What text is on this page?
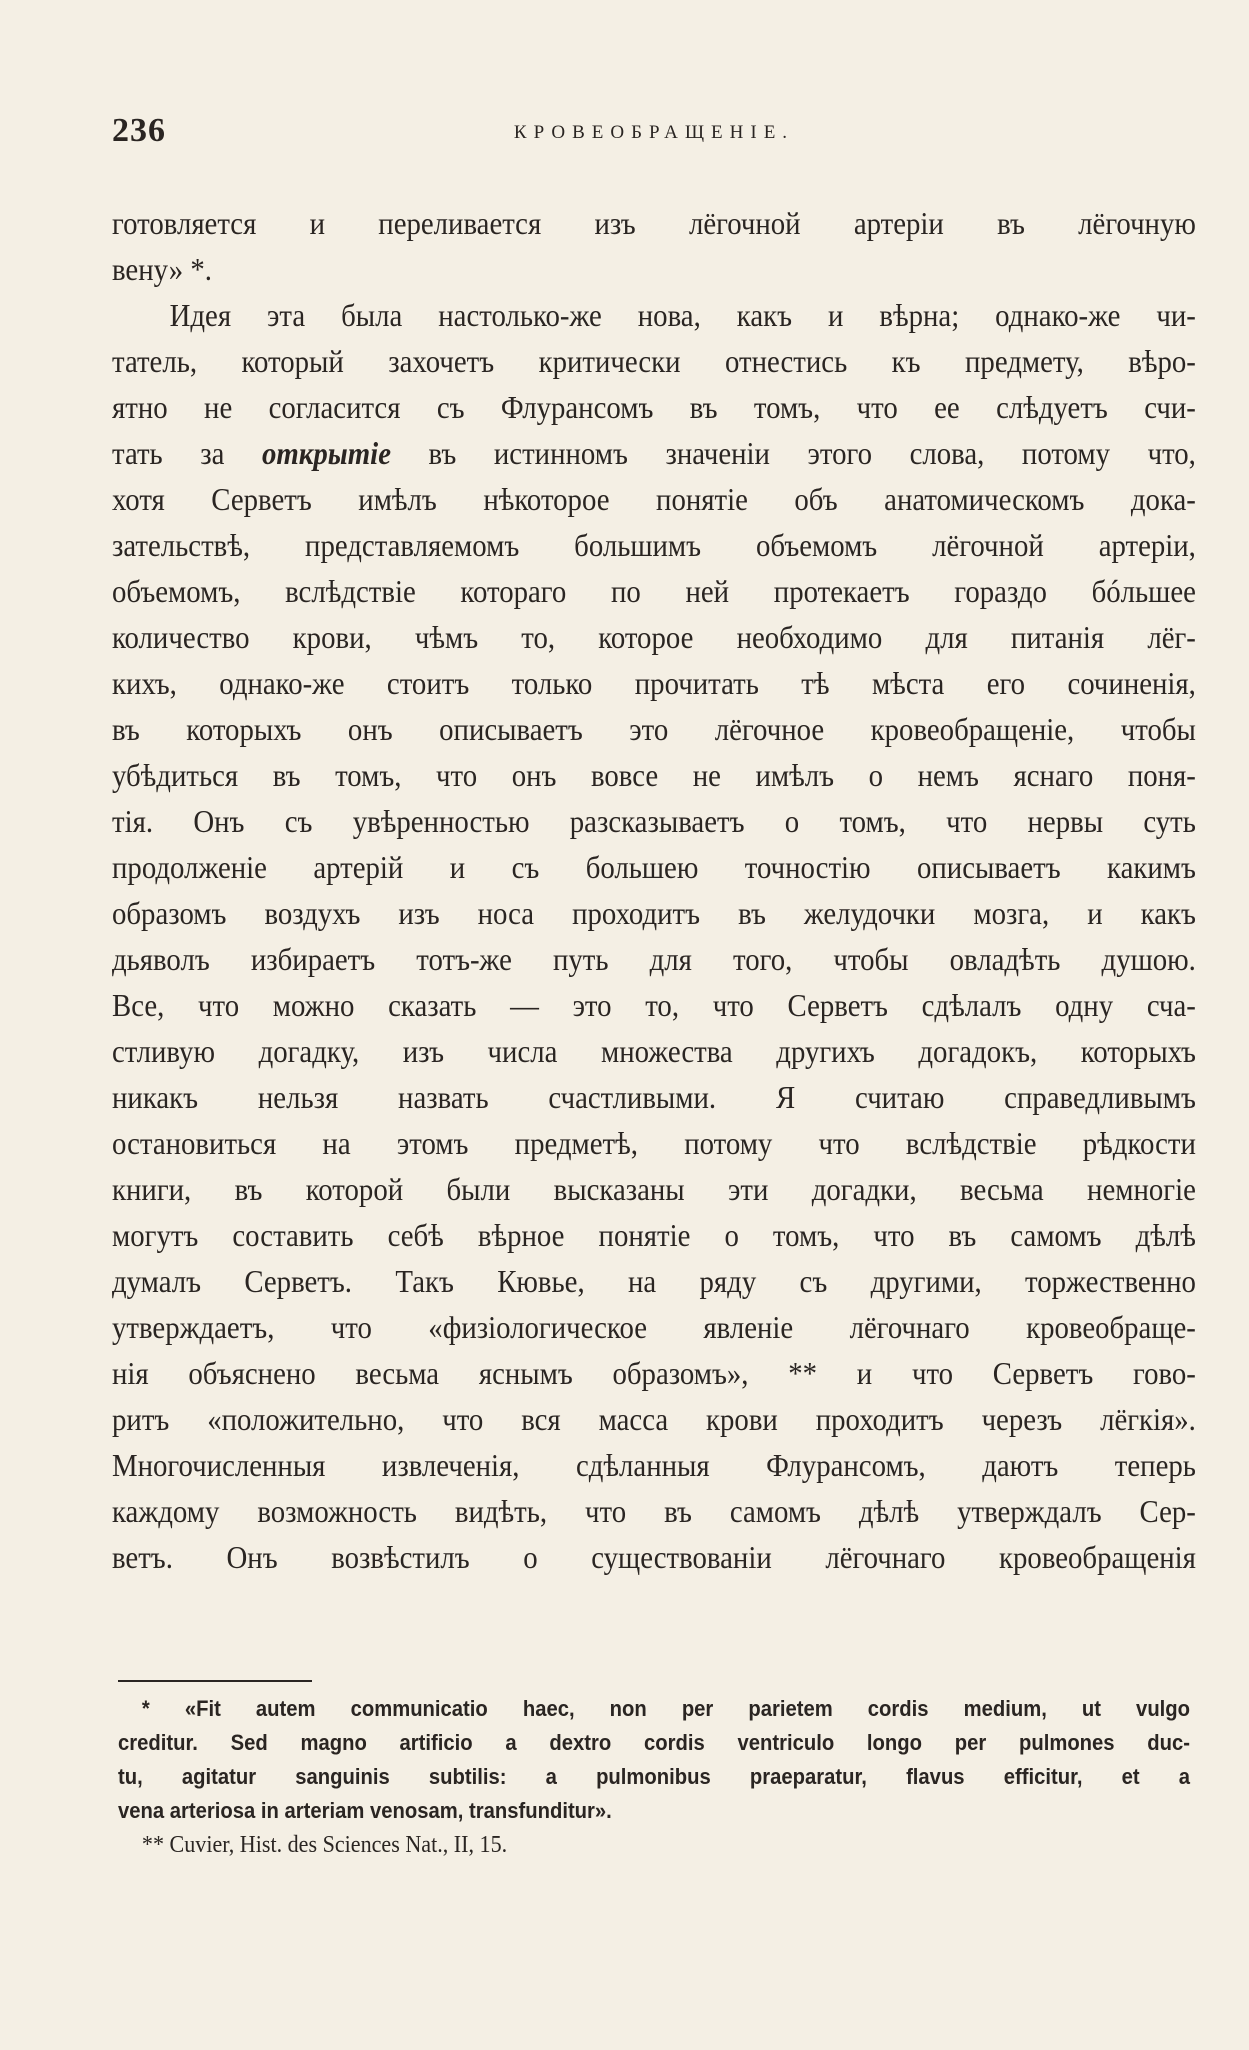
236	КРОВЕОБРАЩЕНІЕ.
готовляется и переливается изъ лёгочной артеріи въ лёгочную
вену» *.
Идея эта была настолько-же нова, какъ и вѣрна; однако-же чи-
татель, который захочетъ критически отнестись къ предмету, вѣро-
ятно не согласится съ Флурансомъ въ томъ, что ее слѣдуетъ счи-
тать за открытіе въ истинномъ значеніи этого слова, потому что,
хотя Серветъ имѣлъ нѣкоторое понятіе объ анатомическомъ дока-
зательствѣ, представляемомъ большимъ объемомъ лёгочной артеріи,
объемомъ, вслѣдствіе котораго по ней протекаетъ гораздо бóльшее
количество крови, чѣмъ то, которое необходимо для питанія лёг-
кихъ, однако-же стоитъ только прочитать тѣ мѣста его сочиненія,
въ которыхъ онъ описываетъ это лёгочное кровеобращеніе, чтобы
убѣдиться въ томъ, что онъ вовсе не имѣлъ о немъ яснаго поня-
тія. Онъ съ увѣренностью разсказываетъ о томъ, что нервы суть
продолженіе артерій и съ большею точностію описываетъ какимъ
образомъ воздухъ изъ носа проходитъ въ желудочки мозга, и какъ
дьяволъ избираетъ тотъ-же путь для того, чтобы овладѣть душою.
Все, что можно сказать — это то, что Серветъ сдѣлалъ одну сча-
стливую догадку, изъ числа множества другихъ догадокъ, которыхъ
никакъ нельзя назвать счастливыми. Я считаю справедливымъ
остановиться на этомъ предметѣ, потому что вслѣдствіе рѣдкости
книги, въ которой были высказаны эти догадки, весьма немногіе
могутъ составить себѣ вѣрное понятіе о томъ, что въ самомъ дѣлѣ
думалъ Серветъ. Такъ Кювье, на ряду съ другими, торжественно
утверждаетъ, что «физіологическое явленіе лёгочнаго кровеобраще-
нія объяснено весьма яснымъ образомъ», ** и что Серветъ гово-
ритъ «положительно, что вся масса крови проходитъ черезъ лёгкія».
Многочисленныя извлеченія, сдѣланныя Флурансомъ, даютъ теперь
каждому возможность видѣть, что въ самомъ дѣлѣ утверждалъ Сер-
ветъ. Онъ возвѣстилъ о существованіи лёгочнаго кровеобращенія
* «Fit autem communicatio haec, non per parietem cordis medium, ut vulgo
creditur. Sed magno artificio a dextro cordis ventriculo longo per pulmones duc-
tu, agitatur sanguinis subtilis: a pulmonibus praeparatur, flavus efficitur, et a
vena arteriosa in arteriam venosam, transfunditur».
** Cuvier, Hist. des Sciences Nat., II, 15.
